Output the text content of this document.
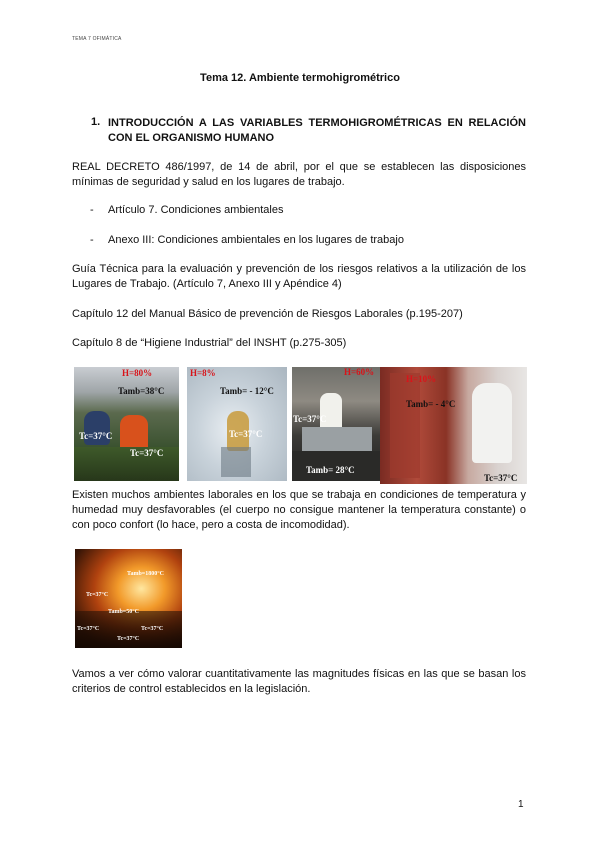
TEMA 7 OFIMÁTICA
Tema 12. Ambiente termohigrométrico
1. INTRODUCCIÓN A LAS VARIABLES TERMOHIGROMÉTRICAS EN RELACIÓN CON EL ORGANISMO HUMANO
REAL DECRETO 486/1997, de 14 de abril, por el que se establecen las disposiciones mínimas de seguridad y salud en los lugares de trabajo.
- Artículo 7. Condiciones ambientales
- Anexo III: Condiciones ambientales en los lugares de trabajo
Guía Técnica para la evaluación y prevención de los riesgos relativos a la utilización de los Lugares de Trabajo. (Artículo 7, Anexo III y Apéndice 4)
Capítulo 12 del Manual Básico de prevención de Riesgos Laborales (p.195-207)
Capítulo 8 de “Higiene Industrial” del INSHT (p.275-305)
H=80%
Tamb=38°C
Tc=37°C
Tc=37°C
H=8%
Tamb= - 12°C
Tc=37°C
H=60%
Tc=37°C
Tamb= 28°C
H=10%
Tamb= - 4°C
Tc=37°C
Existen muchos ambientes laborales en los que se trabaja en condiciones de temperatura y humedad muy desfavorables (el cuerpo no consigue mantener la temperatura constante) o con poco confort (lo hace, pero a costa de incomodidad).
Tamb=1800°C
Tc=37°C
Tamb=50°C
Tc=37°C	Tc=37°C
Tc=37°C
Vamos a ver cómo valorar cuantitativamente las magnitudes físicas en las que se basan los criterios de control establecidos en la legislación.
1
